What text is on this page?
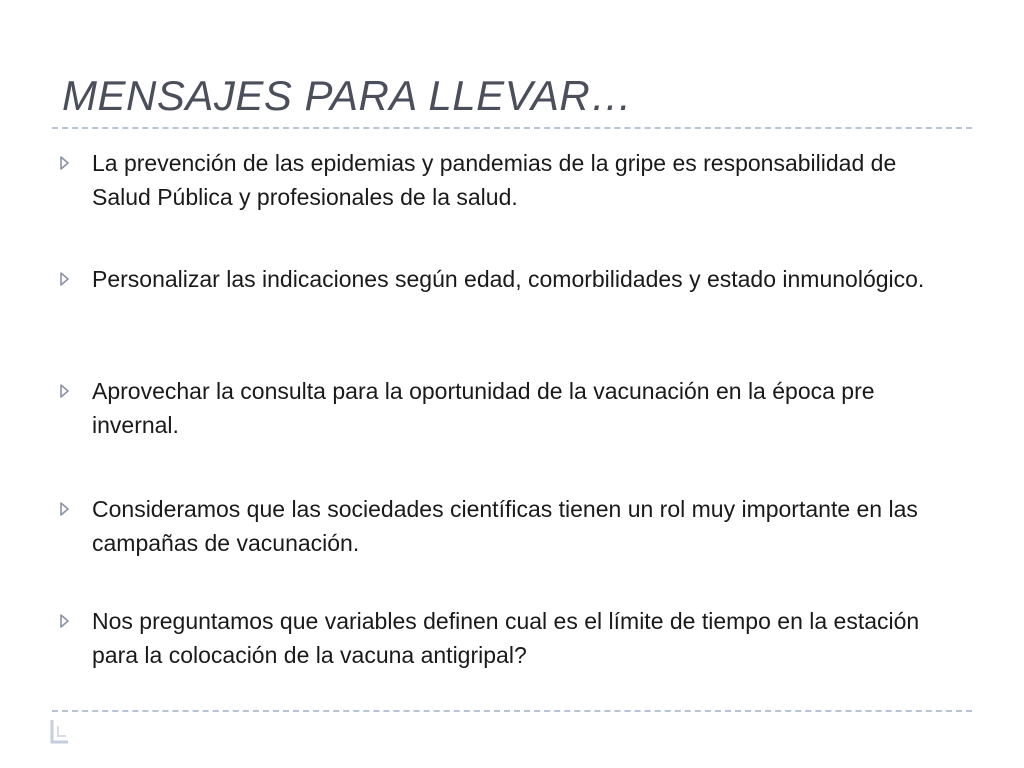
MENSAJES PARA LLEVAR…
La prevención de las epidemias y pandemias de la gripe es responsabilidad de Salud Pública y profesionales de la salud.
Personalizar las indicaciones según edad, comorbilidades y estado inmunológico.
Aprovechar la consulta para la oportunidad de la vacunación en la época pre invernal.
Consideramos que las sociedades científicas tienen un rol muy importante en las campañas de vacunación.
Nos preguntamos que variables definen cual es el límite de tiempo en la estación para la colocación de la vacuna antigripal?
